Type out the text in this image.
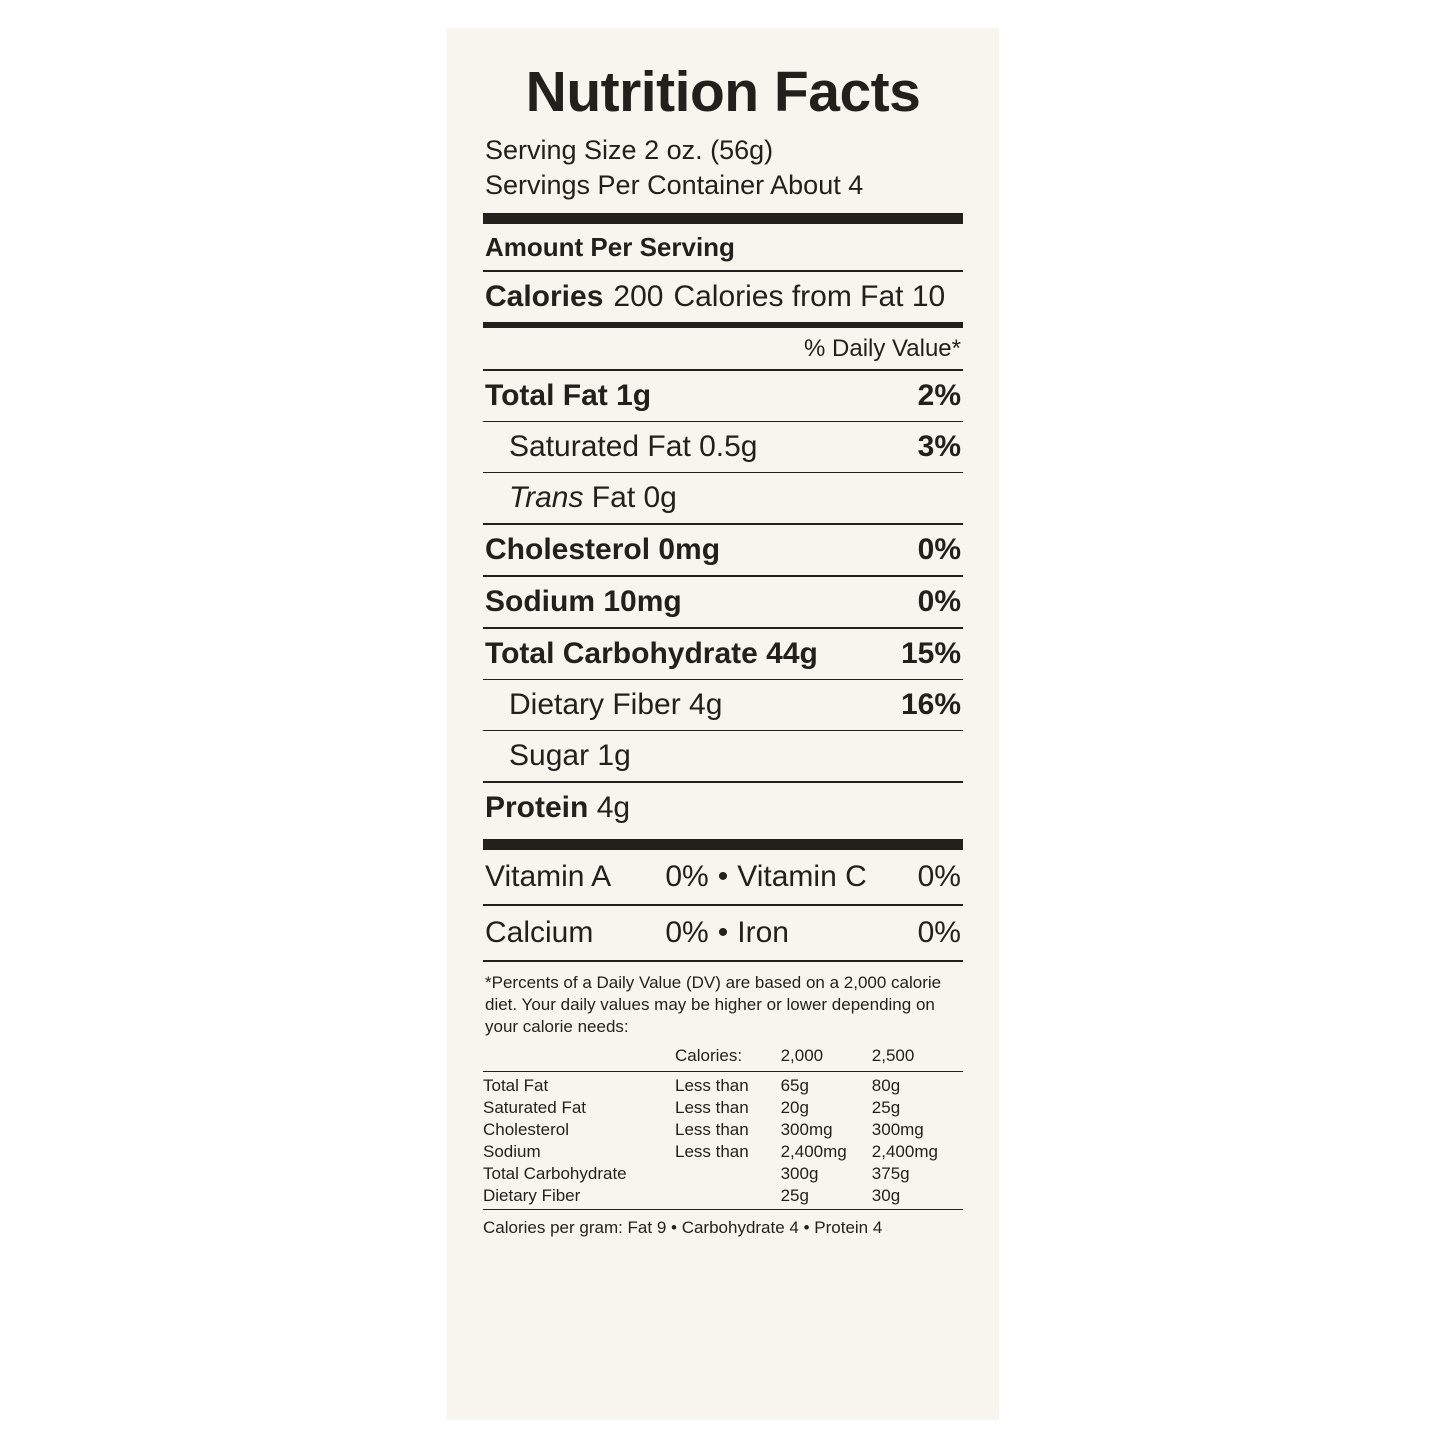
Nutrition Facts
Serving Size 2 oz. (56g)
Servings Per Container About 4
Amount Per Serving
Calories 200 Calories from Fat 10
% Daily Value*
Total Fat 1g	2%
Saturated Fat 0.5g	3%
Trans Fat 0g
Cholesterol 0mg	0%
Sodium 10mg	0%
Total Carbohydrate 44g	15%
Dietary Fiber 4g	16%
Sugar 1g
Protein 4g
Vitamin A 0% • Vitamin C 0%
Calcium 0% • Iron	0%
*Percents of a Daily Value (DV) are based on a 2,000 calorie diet. Your daily values may be higher or lower depending on your calorie needs:
	Calories:	2,000	2,500
Total Fat	Less than	65g	80g
Saturated Fat	Less than	20g	25g
Cholesterol	Less than	300mg	300mg
Sodium	Less than	2,400mg	2,400mg
Total Carbohydrate		300g	375g
Dietary Fiber		25g	30g
Calories per gram: Fat 9 • Carbohydrate 4 • Protein 4
